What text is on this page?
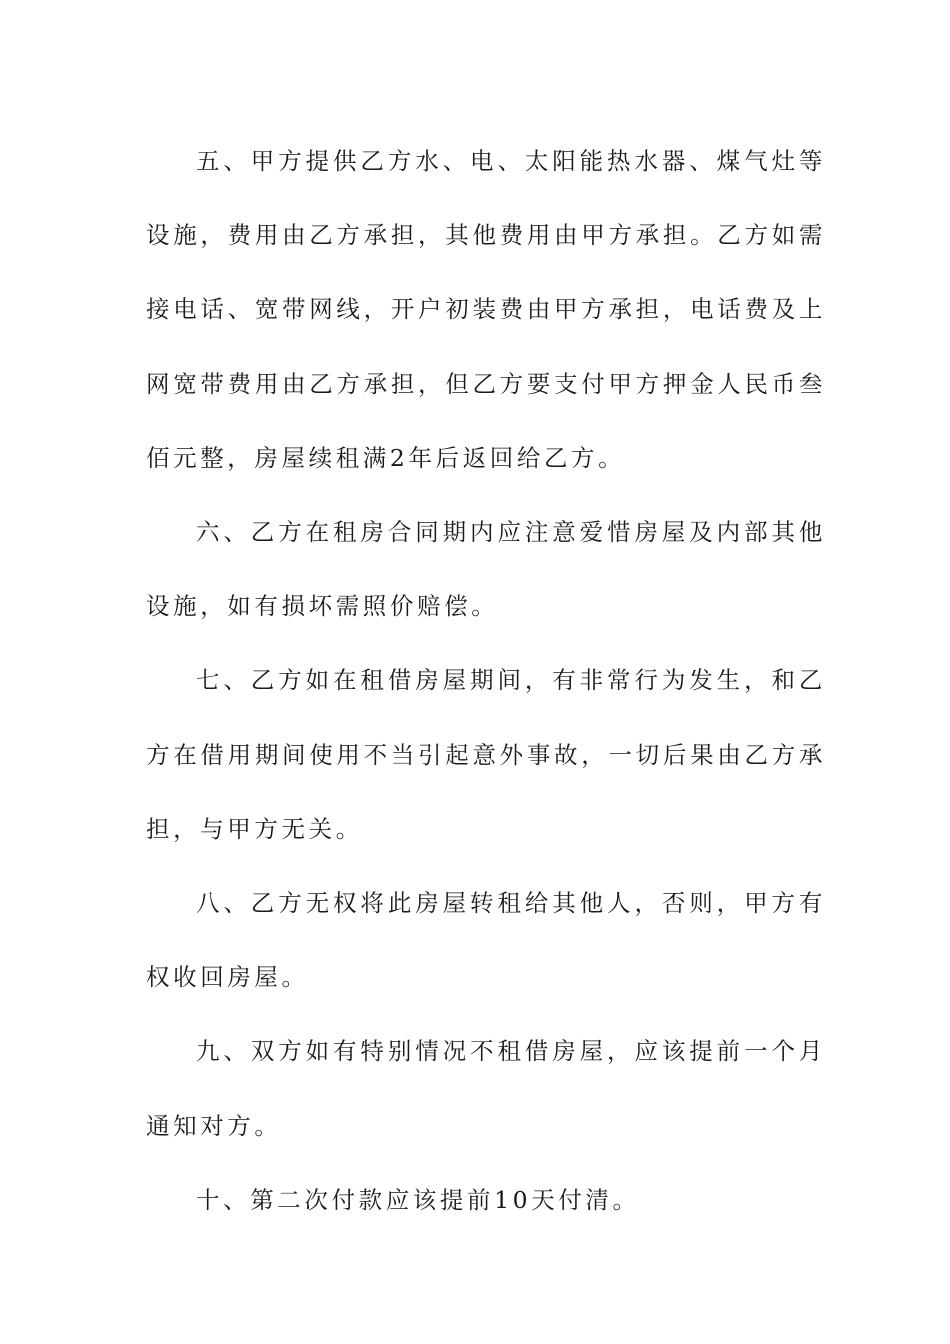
五、甲方提供乙方水、电、太阳能热水器、煤气灶等设施，费用由乙方承担，其他费用由甲方承担。乙方如需接电话、宽带网线，开户初装费由甲方承担，电话费及上网宽带费用由乙方承担，但乙方要支付甲方押金人民币叁佰元整，房屋续租满2年后返回给乙方。

六、乙方在租房合同期内应注意爱惜房屋及内部其他设施，如有损坏需照价赔偿。

七、乙方如在租借房屋期间，有非常行为发生，和乙方在借用期间使用不当引起意外事故，一切后果由乙方承担，与甲方无关。

八、乙方无权将此房屋转租给其他人，否则，甲方有权收回房屋。

九、双方如有特别情况不租借房屋，应该提前一个月通知对方。

十、第二次付款应该提前10天付清。
